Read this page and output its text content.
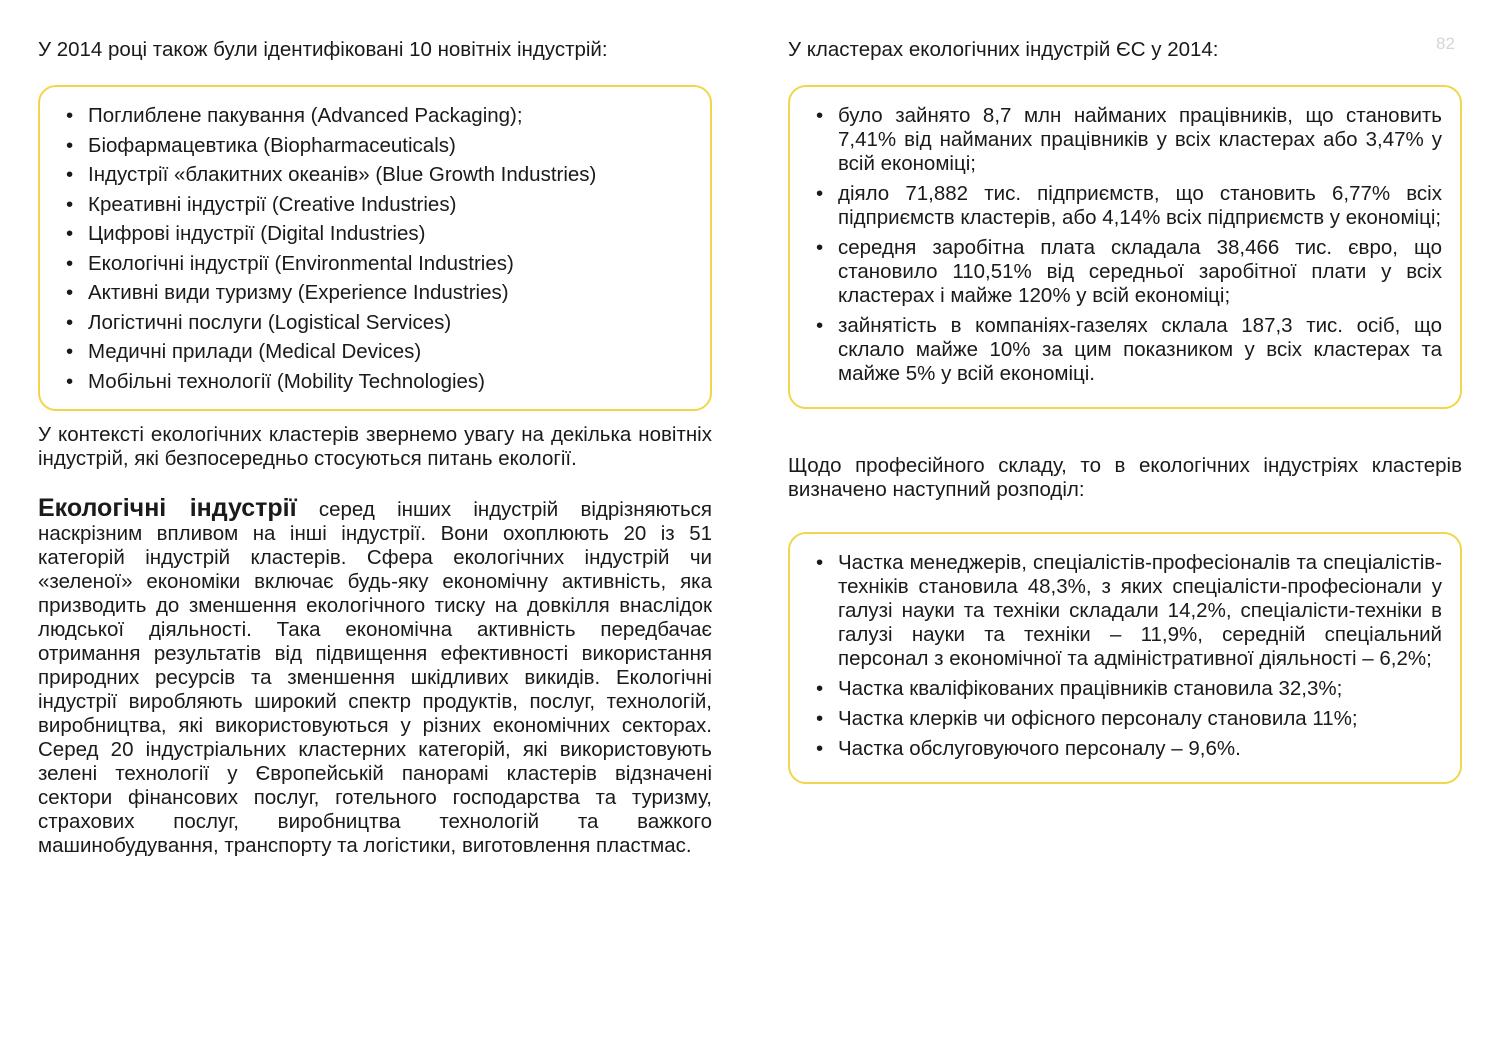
82

У 2014 році також були ідентифіковані 10 новітніх індустрій:

• Поглиблене пакування (Advanced Packaging);
• Біофармацевтика (Biopharmaceuticals)
• Індустрії «блакитних океанів» (Blue Growth Industries)
• Креативні індустрії (Creative Industries)
• Цифрові індустрії (Digital Industries)
• Екологічні індустрії (Environmental Industries)
• Активні види туризму (Experience Industries)
• Логістичні послуги (Logistical Services)
• Медичні прилади (Medical Devices)
• Мобільні технології (Mobility Technologies)

У контексті екологічних кластерів звернемо увагу на декілька новітніх індустрій, які безпосередньо стосуються питань екології.

Екологічні індустрії серед інших індустрій відрізняються наскрізним впливом на інші індустрії. Вони охоплюють 20 із 51 категорій індустрій кластерів. Сфера екологічних індустрій чи «зеленої» економіки включає будь-яку економічну активність, яка призводить до зменшення екологічного тиску на довкілля внаслідок людської діяльності. Така економічна активність передбачає отримання результатів від підвищення ефективності використання природних ресурсів та зменшення шкідливих викидів. Екологічні індустрії виробляють широкий спектр продуктів, послуг, технологій, виробництва, які використовуються у різних економічних секторах. Серед 20 індустріальних кластерних категорій, які використовують зелені технології у Європейській панорамі кластерів відзначені сектори фінансових послуг, готельного господарства та туризму, страхових послуг, виробництва технологій та важкого машинобудування, транспорту та логістики, виготовлення пластмас.

У кластерах екологічних індустрій ЄС у 2014:

• було зайнято 8,7 млн найманих працівників, що становить 7,41% від найманих працівників у всіх кластерах або 3,47% у всій економіці;
• діяло 71,882 тис. підприємств, що становить 6,77% всіх підприємств кластерів, або 4,14% всіх підприємств у економіці;
• середня заробітна плата складала 38,466 тис. євро, що становило 110,51% від середньої заробітної плати у всіх кластерах і майже 120% у всій економіці;
• зайнятість в компаніях-газелях склала 187,3 тис. осіб, що склало майже 10% за цим показником у всіх кластерах та майже 5% у всій економіці.

Щодо професійного складу, то в екологічних індустріях кластерів визначено наступний розподіл:

• Частка менеджерів, спеціалістів-професіоналів та спеціалістів-техніків становила 48,3%, з яких спеціалісти-професіонали у галузі науки та техніки складали 14,2%, спеціалісти-техніки в галузі науки та техніки – 11,9%, середній спеціальний персонал з економічної та адміністративної діяльності – 6,2%;
• Частка кваліфікованих працівників становила 32,3%;
• Частка клерків чи офісного персоналу становила 11%;
• Частка обслуговуючого персоналу – 9,6%.
